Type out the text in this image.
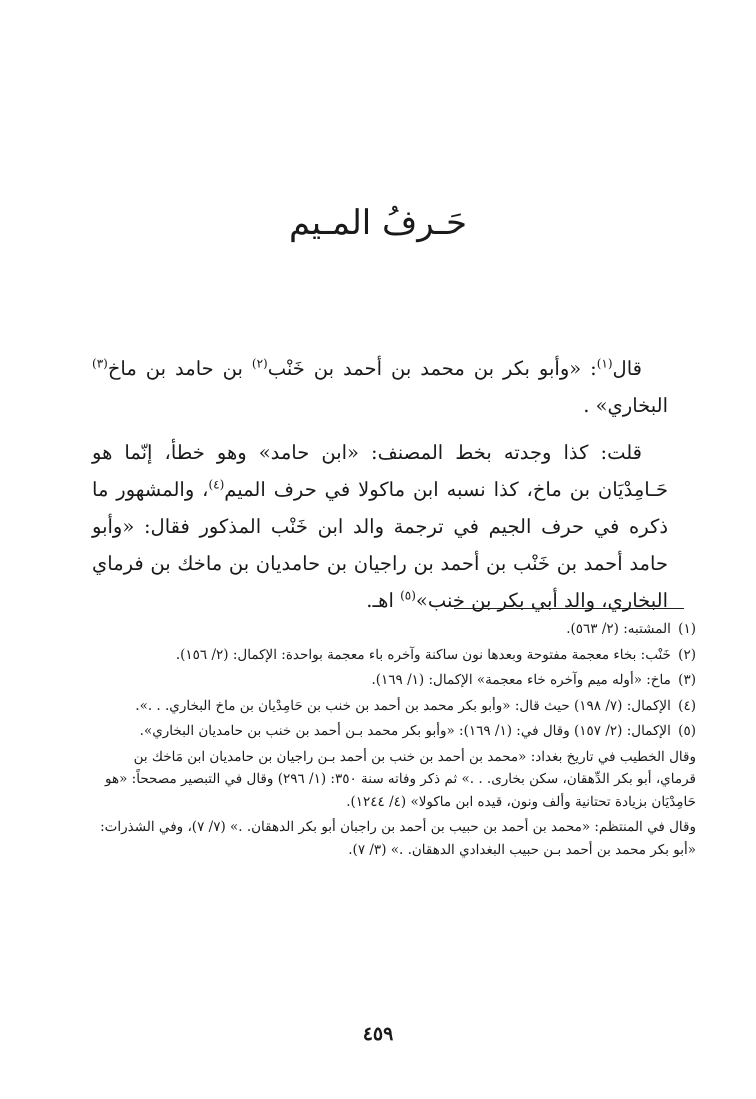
حَـرفُ المـيم

قال$^{(١)}$: «وأبو بكر بن محمد بن أحمد بن خَنْب$^{(٢)}$ بن حامد بن ماخ$^{(٣)}$ البخاري» .

قلت: كذا وجدته بخط المصنف: «ابن حامد» وهو خطأ، إنّما هو حَـامِدْيَان بن ماخ، كذا نسبه ابن ماكولا في حرف الميم$^{(٤)}$، والمشهور ما ذكره في حرف الجيم في ترجمة والد ابن خَنْب المذكور فقال: «وأبو حامد أحمد بن خَنْب بن أحمد بن راجيان بن حامديان بن ماخك بن فرماي البخاري، والد أبي بكر بن خنب»$^{(٥)}$ اهـ.

(١) المشتبه: (٢/ ٥٦٣).
(٢) خَنْب: بخاء معجمة مفتوحة وبعدها نون ساكنة وآخره باء معجمة بواحدة: الإكمال: (٢/ ١٥٦).
(٣) ماخ: «أوله ميم وآخره خاء معجمة» الإكمال: (١/ ١٦٩).
(٤) الإكمال: (٧/ ١٩٨) حيث قال: «وأبو بكر محمد بن أحمد بن خنب بن حَامِدْيان بن ماخ البخاري. . .».
(٥) الإكمال: (٢/ ١٥٧) وقال في: (١/ ١٦٩): «وأبو بكر محمد بـن أحمد بن خنب بن حامديان البخاري».
وقال الخطيب في تاريخ بغداد: «محمد بن أحمد بن خنب بن أحمد بـن راجيان بن حامديان ابن مَاخك بن قرماي، أبو بكر الدِّهقان، سكن بخارى. . .» ثم ذكر وفاته سنة ٣٥٠: (١/ ٢٩٦) وقال في التبصير مصححاً: «هو حَامِدْيَان بزيادة تحتانية وألف ونون، قيده ابن ماكولا» (٤/ ١٢٤٤).
وقال في المنتظم: «محمد بن أحمد بن حبيب بن أحمد بن راجبان أبو بكر الدهقان. .» (٧/ ٧)، وفي الشذرات: «أبو بكر محمد بن أحمد بـن حبيب البغدادي الدهقان. .» (٣/ ٧).
٤٥٩
